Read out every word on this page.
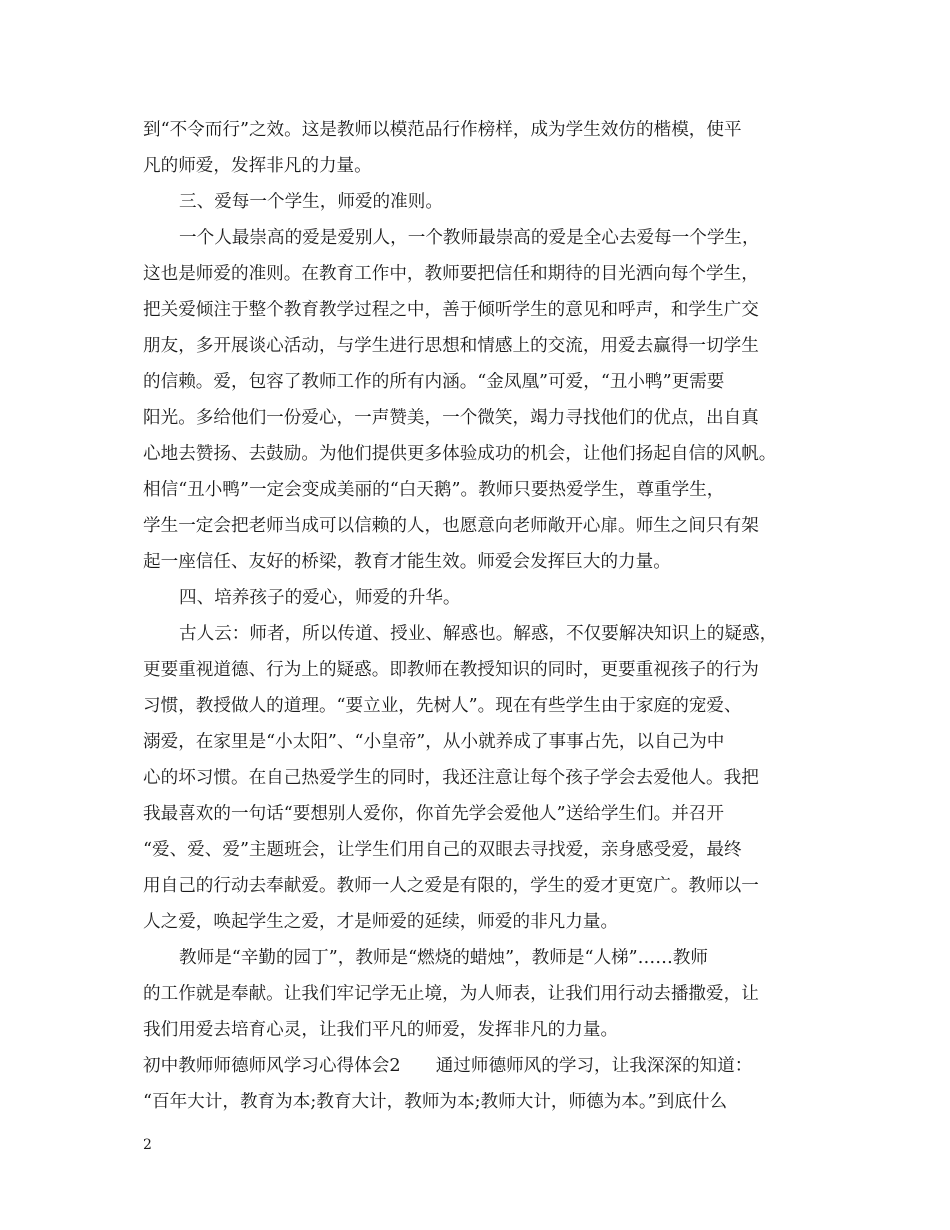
到“不令而行”之效。这是教师以模范品行作榜样，成为学生效仿的楷模，使平
凡的师爱，发挥非凡的力量。
三、爱每一个学生，师爱的准则。
一个人最崇高的爱是爱别人，一个教师最崇高的爱是全心去爱每一个学生，
这也是师爱的准则。在教育工作中，教师要把信任和期待的目光洒向每个学生，
把关爱倾注于整个教育教学过程之中，善于倾听学生的意见和呼声，和学生广交
朋友，多开展谈心活动，与学生进行思想和情感上的交流，用爱去赢得一切学生
的信赖。爱，包容了教师工作的所有内涵。“金凤凰”可爱，“丑小鸭”更需要
阳光。多给他们一份爱心，一声赞美，一个微笑，竭力寻找他们的优点，出自真
心地去赞扬、去鼓励。为他们提供更多体验成功的机会，让他们扬起自信的风帆。
相信“丑小鸭”一定会变成美丽的“白天鹅”。教师只要热爱学生，尊重学生，
学生一定会把老师当成可以信赖的人，也愿意向老师敞开心扉。师生之间只有架
起一座信任、友好的桥梁，教育才能生效。师爱会发挥巨大的力量。
四、培养孩子的爱心，师爱的升华。
古人云：师者，所以传道、授业、解惑也。解惑，不仅要解决知识上的疑惑，
更要重视道德、行为上的疑惑。即教师在教授知识的同时，更要重视孩子的行为
习惯，教授做人的道理。“要立业，先树人”。现在有些学生由于家庭的宠爱、
溺爱，在家里是“小太阳”、“小皇帝”，从小就养成了事事占先，以自己为中
心的坏习惯。在自己热爱学生的同时，我还注意让每个孩子学会去爱他人。我把
我最喜欢的一句话“要想别人爱你，你首先学会爱他人”送给学生们。并召开
“爱、爱、爱”主题班会，让学生们用自己的双眼去寻找爱，亲身感受爱，最终
用自己的行动去奉献爱。教师一人之爱是有限的，学生的爱才更宽广。教师以一
人之爱，唤起学生之爱，才是师爱的延续，师爱的非凡力量。
教师是“辛勤的园丁”，教师是“燃烧的蜡烛”，教师是“人梯”……教师
的工作就是奉献。让我们牢记学无止境，为人师表，让我们用行动去播撒爱，让
我们用爱去培育心灵，让我们平凡的师爱，发挥非凡的力量。
初中教师师德师风学习心得体会2　　通过师德师风的学习，让我深深的知道：
“百年大计，教育为本;教育大计，教师为本;教师大计，师德为本。”到底什么
2
